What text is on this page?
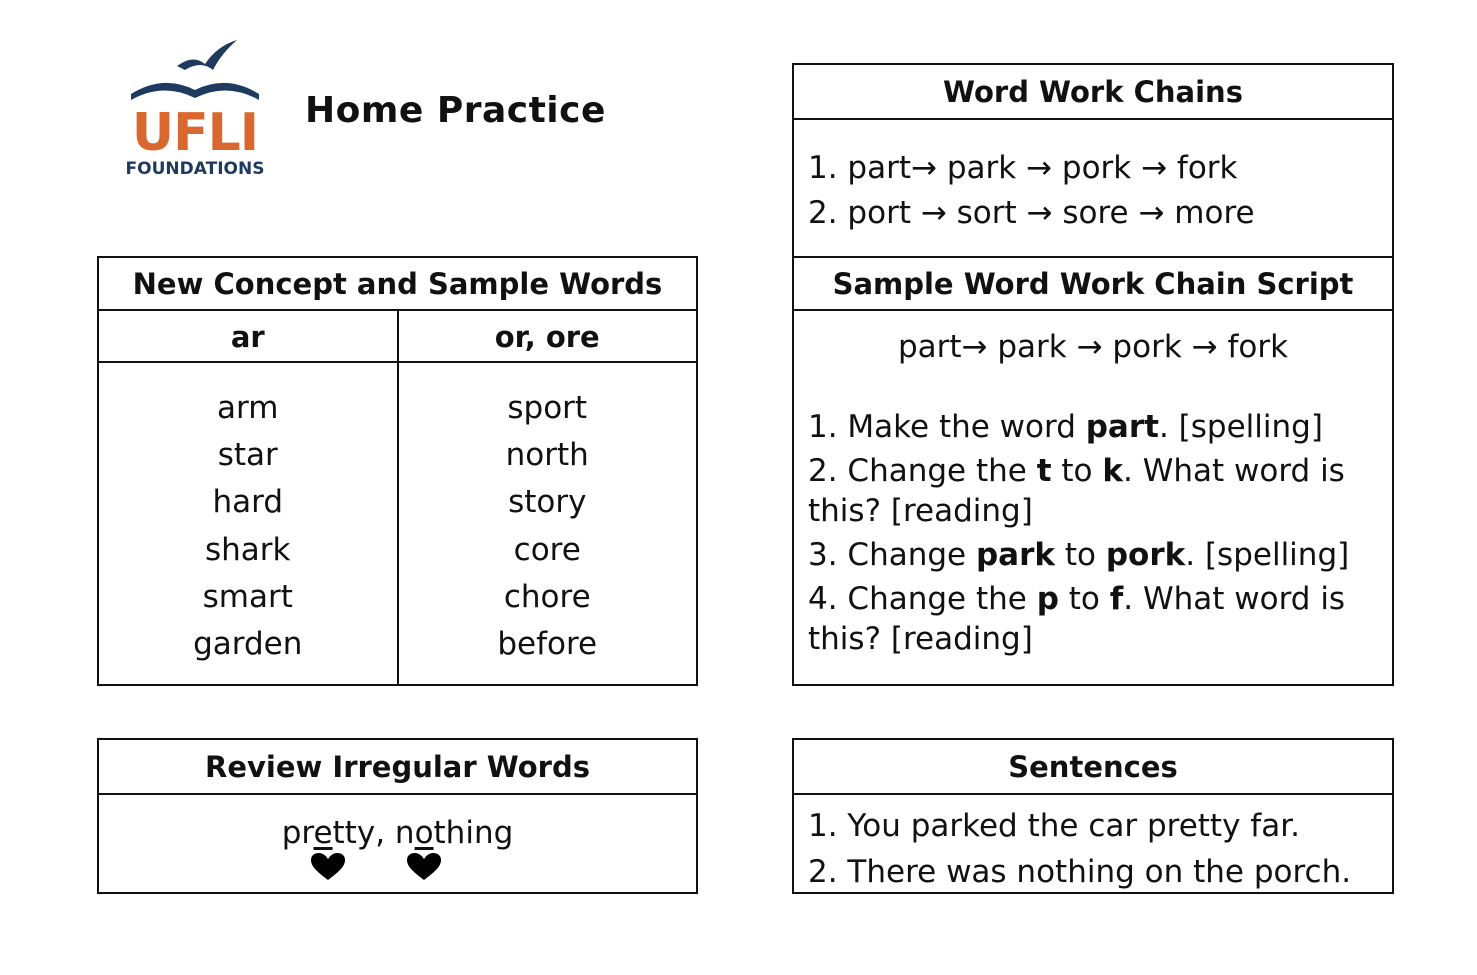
UFLI
FOUNDATIONS
Home Practice
New Concept and Sample Words
ar
arm
star
hard
shark
smart
garden
or, ore
sport
north
story
core
chore
before
Word Work Chains
1. part→ park → pork → fork
2. port → sort → sore → more
Sample Word Work Chain Script
part→ park → pork → fork

1. Make the word part. [spelling]

2. Change the t to k. What word is this? [reading]

3. Change park to pork. [spelling]

4. Change the p to f. What word is this? [reading]

Review Irregular Words
pretty, nothing
Sentences
1. You parked the car pretty far.
2. There was nothing on the porch.
